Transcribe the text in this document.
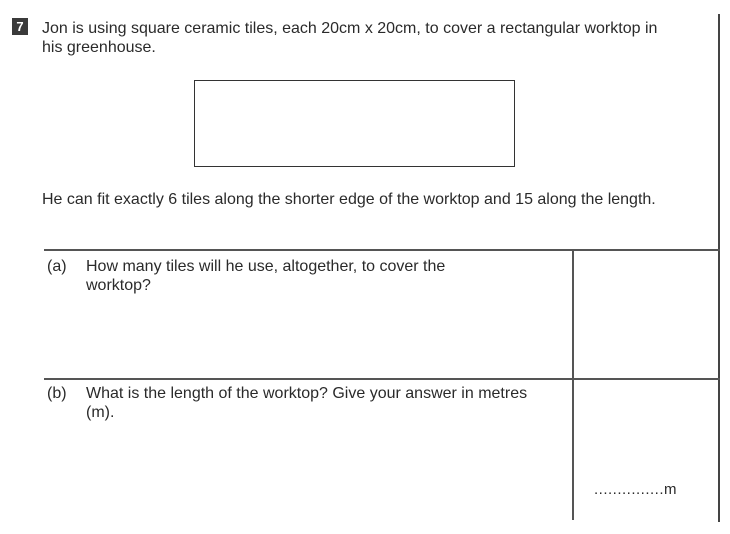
7 Jon is using square ceramic tiles, each 20cm x 20cm, to cover a rectangular worktop in his greenhouse.

He can fit exactly 6 tiles along the shorter edge of the worktop and 15 along the length.

(a) How many tiles will he use, altogether, to cover the worktop?

(b) What is the length of the worktop? Give your answer in metres (m).

...............m
